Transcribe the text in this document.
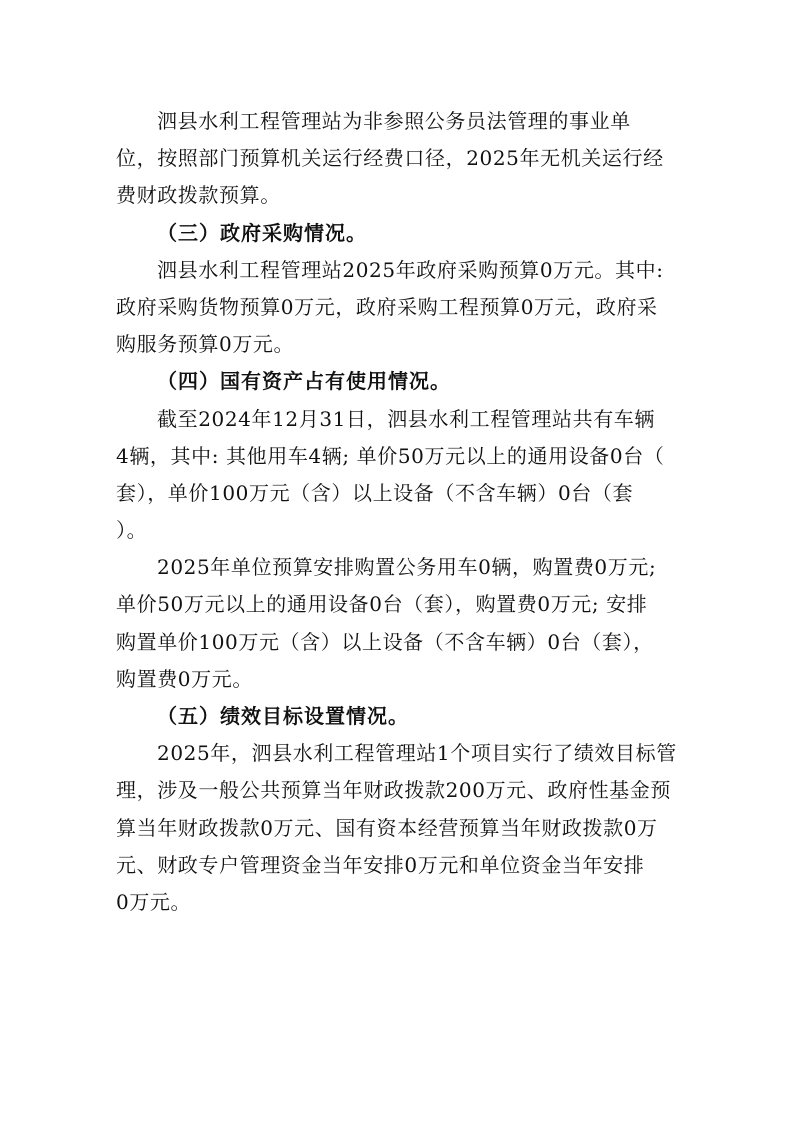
泗县水利工程管理站为非参照公务员法管理的事业单
位，按照部门预算机关运行经费口径，2025年无机关运行经
费财政拨款预算。
（三）政府采购情况。
泗县水利工程管理站2025年政府采购预算0万元。其中:
政府采购货物预算0万元，政府采购工程预算0万元，政府采
购服务预算0万元。
（四）国有资产占有使用情况。
截至2024年12月31日，泗县水利工程管理站共有车辆
4辆，其中: 其他用车4辆; 单价50万元以上的通用设备0台（
套），单价100万元（含）以上设备（不含车辆）0台（套
）。
2025年单位预算安排购置公务用车0辆，购置费0万元;
单价50万元以上的通用设备0台（套），购置费0万元; 安排
购置单价100万元（含）以上设备（不含车辆）0台（套），
购置费0万元。
（五）绩效目标设置情况。
2025年，泗县水利工程管理站1个项目实行了绩效目标管
理，涉及一般公共预算当年财政拨款200万元、政府性基金预
算当年财政拨款0万元、国有资本经营预算当年财政拨款0万
元、财政专户管理资金当年安排0万元和单位资金当年安排
0万元。
